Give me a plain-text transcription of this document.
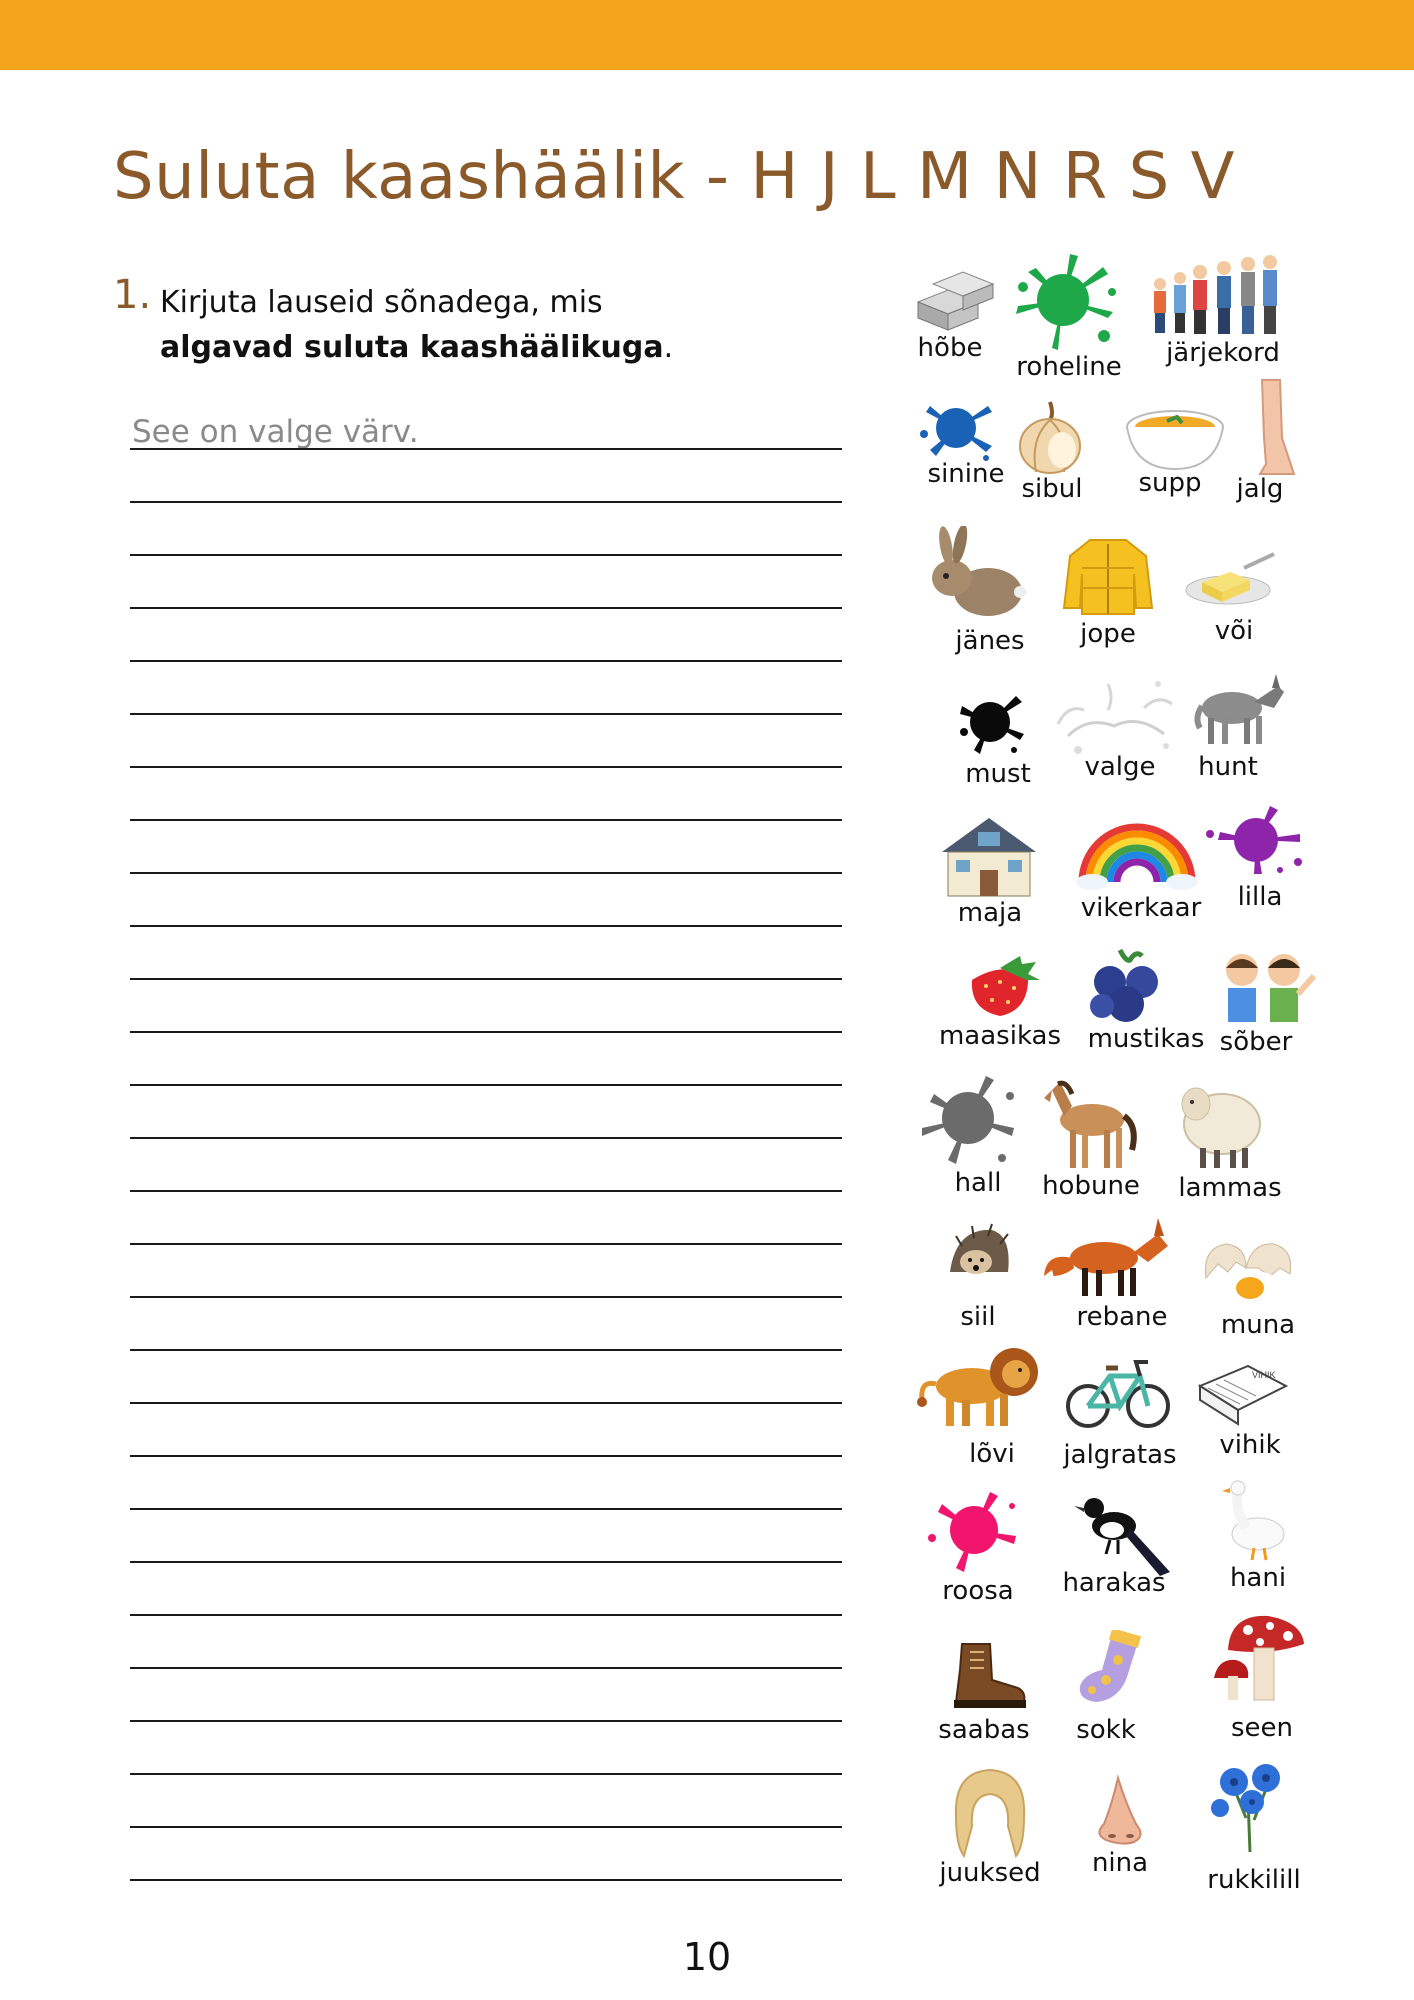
Suluta kaashäälik - H J L M N R S V
1. Kirjuta lauseid sõnadega, mis
algavad suluta kaashäälikuga.
See on valge värv.
hõbe
roheline järjekord
sinine sibul supp jalg
jänes jope	või
must valge hunt
maja vikerkaar lilla
maasikas mustikas sõber
hall hobune lammas
siil	rebane muna
lõvi jalgratas
VIHIK
vihik
roosa harakas hani
saabas sokk	seen
juuksed nina
rukkilill
10
